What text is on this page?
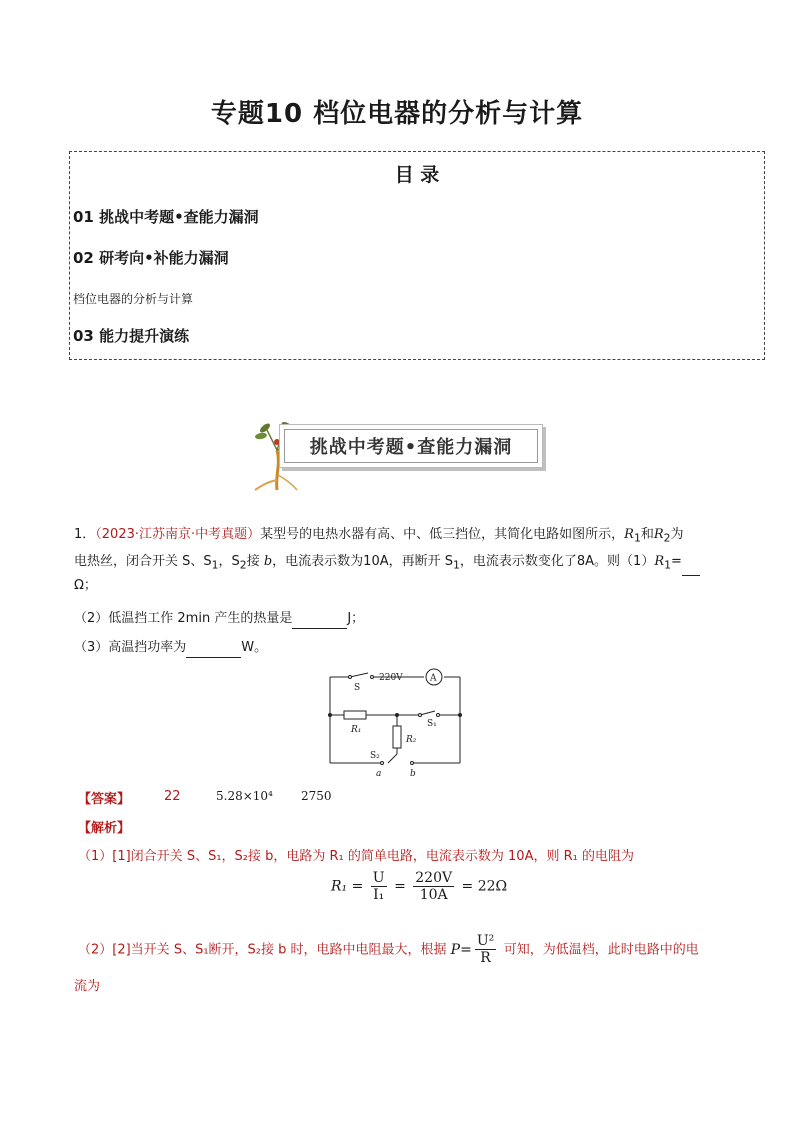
专题10 档位电器的分析与计算
目 录
01 挑战中考题•查能力漏洞
02 研考向•补能力漏洞
档位电器的分析与计算
03 能力提升演练
挑战中考题•查能力漏洞
1．（2023·江苏南京·中考真题）某型号的电热水器有高、中、低三挡位，其简化电路如图所示，$R_1$和$R_2$为
电热丝，闭合开关 S、$S_1$，$S_2$接 b，电流表示数为10A，再断开 $S_1$，电流表示数变化了8A。则$(1)R_1=$
Ω；
（2）低温挡工作 2min 产生的热量是	J；
（3）高温挡功率为	W。
S
220V	A
R₁
R₂
S₁
S₂
a	b
【答案】	22	5.28×10⁴ 2750
【解析】
（1）[1]闭合开关 S、S₁，S₂接 b，电路为 R₁ 的简单电路，电流表示数为 10A，则 R₁ 的电阻为
$R_1 = \frac{U}{\text{I₁}} = \frac{220V}{10A} = 22\Omega$
（2）[2]当开关 S、S₁断开，S₂接 b 时，电路中电阻最大，根据 $P= \frac{\text{U²}}{R}$ 可知，为低温档，此时电路中的电
流为
